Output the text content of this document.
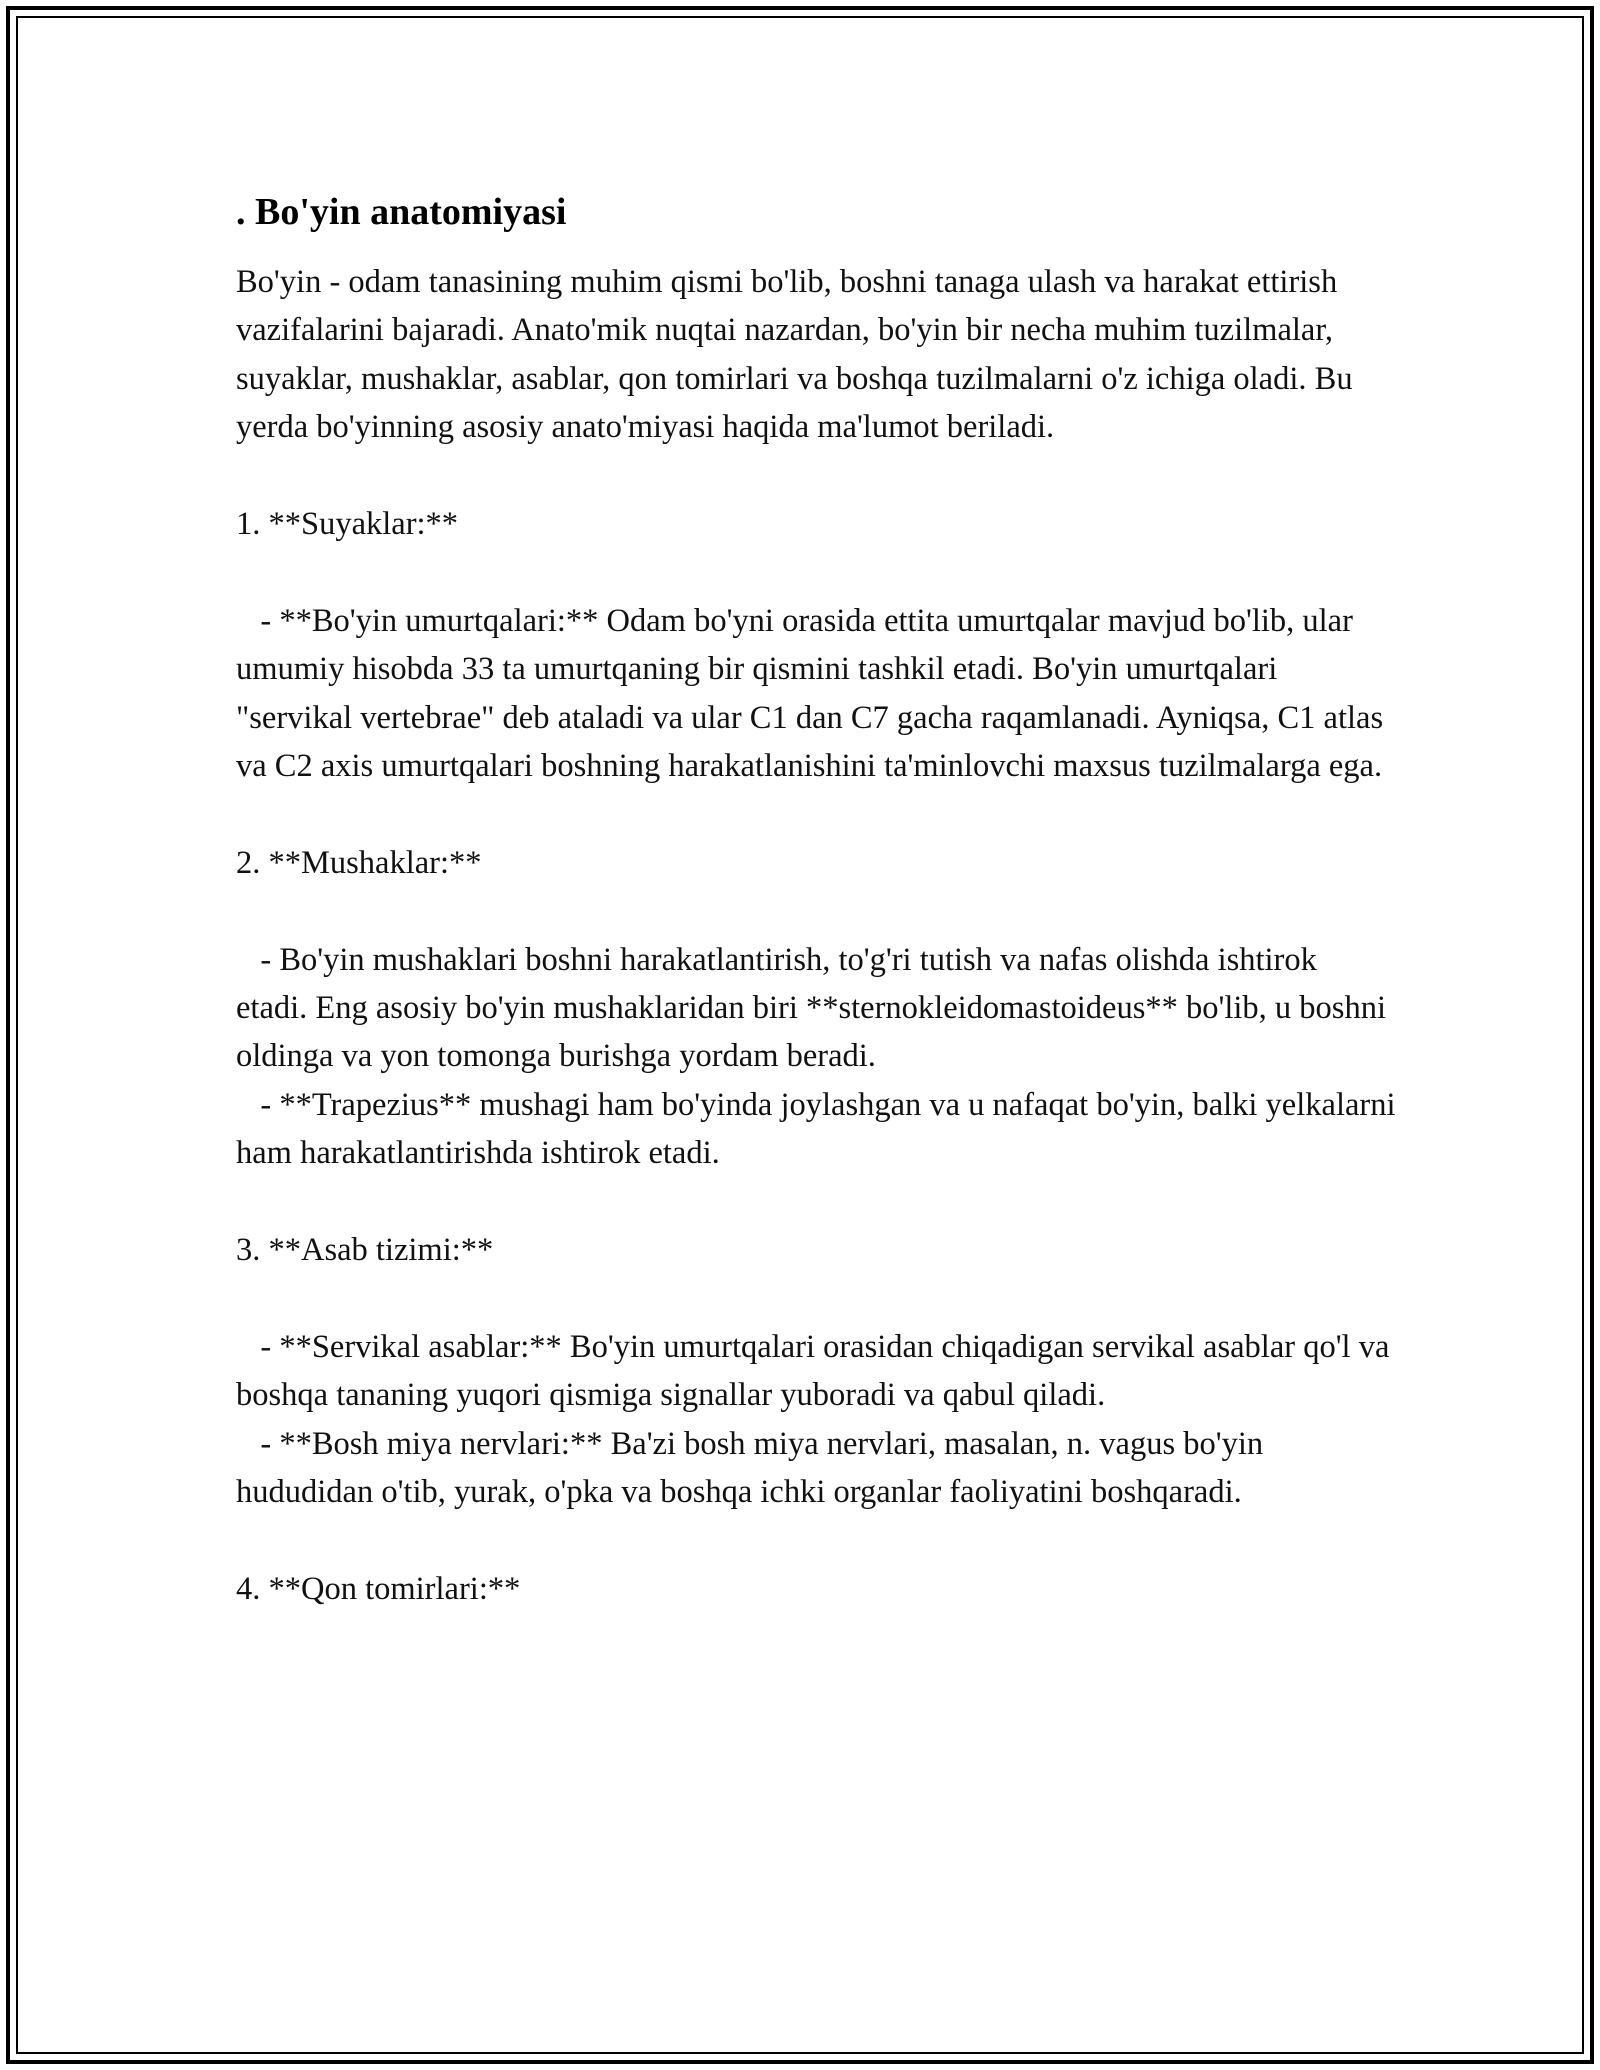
. Bo'yin anatomiyasi

Bo'yin - odam tanasining muhim qismi bo'lib, boshni tanaga ulash va harakat ettirish vazifalarini bajaradi. Anato'mik nuqtai nazardan, bo'yin bir necha muhim tuzilmalar, suyaklar, mushaklar, asablar, qon tomirlari va boshqa tuzilmalarni o'z ichiga oladi. Bu yerda bo'yinning asosiy anato'miyasi haqida ma'lumot beriladi.

1. **Suyaklar:**

- **Bo'yin umurtqalari:** Odam bo'yni orasida ettita umurtqalar mavjud bo'lib, ular umumiy hisobda 33 ta umurtqaning bir qismini tashkil etadi. Bo'yin umurtqalari "servikal vertebrae" deb ataladi va ular C1 dan C7 gacha raqamlanadi. Ayniqsa, C1 atlas va C2 axis umurtqalari boshning harakatlanishini ta'minlovchi maxsus tuzilmalarga ega.

2. **Mushaklar:**

- Bo'yin mushaklari boshni harakatlantirish, to'g'ri tutish va nafas olishda ishtirok etadi. Eng asosiy bo'yin mushaklaridan biri **sternokleidomastoideus** bo'lib, u boshni oldinga va yon tomonga burishga yordam beradi.

- **Trapezius** mushagi ham bo'yinda joylashgan va u nafaqat bo'yin, balki yelkalarni ham harakatlantirishda ishtirok etadi.

3. **Asab tizimi:**

- **Servikal asablar:** Bo'yin umurtqalari orasidan chiqadigan servikal asablar qo'l va boshqa tananing yuqori qismiga signallar yuboradi va qabul qiladi.

- **Bosh miya nervlari:** Ba'zi bosh miya nervlari, masalan, n. vagus bo'yin hududidan o'tib, yurak, o'pka va boshqa ichki organlar faoliyatini boshqaradi.

4. **Qon tomirlari:**
